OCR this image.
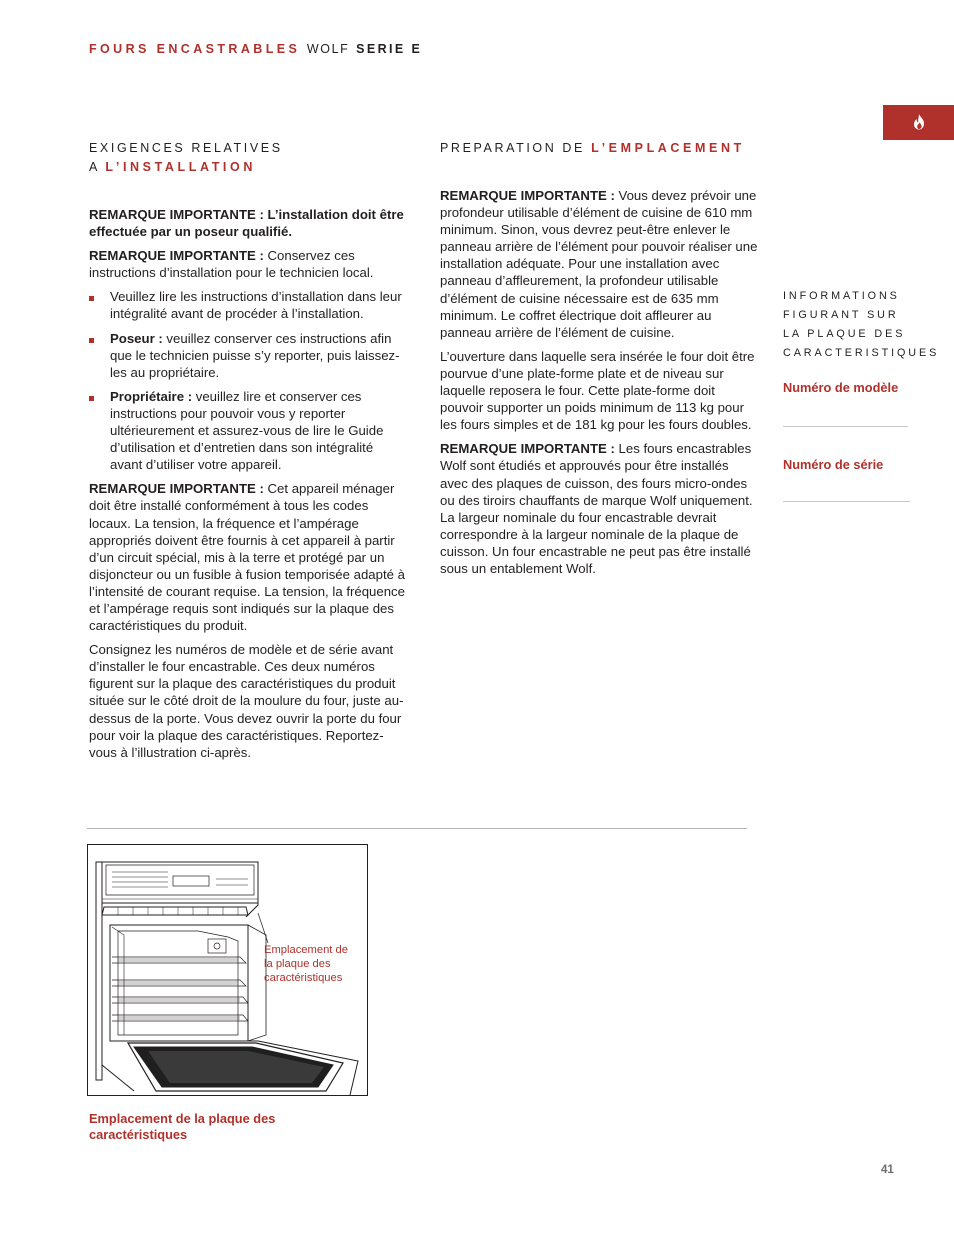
FOURS ENCASTRABLES WOLF SERIE E
EXIGENCES RELATIVES
A L’INSTALLATION

REMARQUE IMPORTANTE : L’installation doit être effectuée par un poseur qualifié.

REMARQUE IMPORTANTE : Conservez ces instructions d’installation pour le technicien local.

Veuillez lire les instructions d’installation dans leur intégralité avant de procéder à l’installation.
Poseur : veuillez conserver ces instructions afin que le technicien puisse s’y reporter, puis laissez-les au propriétaire.
Propriétaire : veuillez lire et conserver ces instructions pour pouvoir vous y reporter ultérieurement et assurez-vous de lire le Guide d’utilisation et d’entretien dans son intégralité avant d’utiliser votre appareil.

REMARQUE IMPORTANTE : Cet appareil ménager doit être installé conformément à tous les codes locaux. La tension, la fréquence et l’ampérage appropriés doivent être fournis à cet appareil à partir d’un circuit spécial, mis à la terre et protégé par un disjoncteur ou un fusible à fusion temporisée adapté à l’intensité de courant requise. La tension, la fréquence et l’ampérage requis sont indiqués sur la plaque des caractéristiques du produit.

Consignez les numéros de modèle et de série avant d’installer le four encastrable. Ces deux numéros figurent sur la plaque des caractéristiques du produit située sur le côté droit de la moulure du four, juste au-dessus de la porte. Vous devez ouvrir la porte du four pour voir la plaque des caractéristiques. Reportez-vous à l’illustration ci-après.

PREPARATION DE L’EMPLACEMENT

REMARQUE IMPORTANTE : Vous devez prévoir une profondeur utilisable d’élément de cuisine de 610 mm minimum. Sinon, vous devrez peut-être enlever le panneau arrière de l’élément pour pouvoir réaliser une installation adéquate. Pour une installation avec panneau d’affleurement, la profondeur utilisable d’élément de cuisine nécessaire est de 635 mm minimum. Le coffret électrique doit affleurer au panneau arrière de l’élément de cuisine.

L’ouverture dans laquelle sera insérée le four doit être pourvue d’une plate-forme plate et de niveau sur laquelle reposera le four. Cette plate-forme doit pouvoir supporter un poids minimum de 113 kg pour les fours simples et de 181 kg pour les fours doubles.

REMARQUE IMPORTANTE : Les fours encastrables Wolf sont étudiés et approuvés pour être installés avec des plaques de cuisson, des fours micro-ondes ou des tiroirs chauffants de marque Wolf uniquement. La largeur nominale du four encastrable devrait correspondre à la largeur nominale de la plaque de cuisson. Un four encastrable ne peut pas être installé sous un entablement Wolf.

INFORMATIONS
FIGURANT SUR
LA PLAQUE DES
CARACTERISTIQUES
Numéro de modèle
Numéro de série
Emplacement de
la plaque des
caractéristiques
Emplacement de la plaque des
caractéristiques
41
